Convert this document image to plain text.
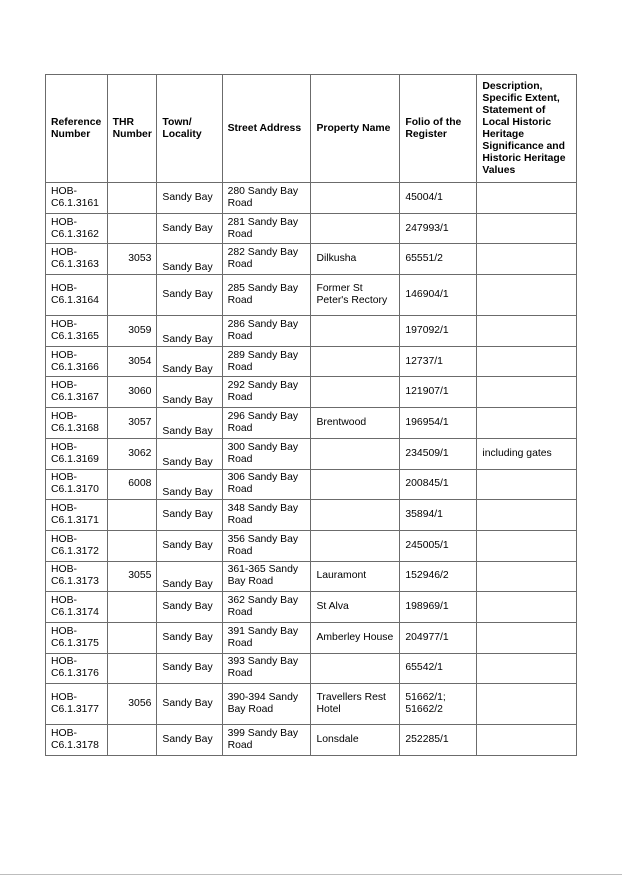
Reference Number	THR Number	Town/ Locality	Street Address	Property Name	Folio of the Register	Description, Specific Extent, Statement of Local Historic Heritage Significance and Historic Heritage Values
HOB-C6.1.3161		Sandy Bay	280 Sandy Bay Road		45004/1	
HOB-C6.1.3162		Sandy Bay	281 Sandy Bay Road		247993/1	
HOB-C6.1.3163	3053	Sandy Bay	282 Sandy Bay Road	Dilkusha	65551/2	
HOB-C6.1.3164		Sandy Bay	285 Sandy Bay Road	Former St Peter's Rectory	146904/1	
HOB-C6.1.3165	3059	Sandy Bay	286 Sandy Bay Road		197092/1	
HOB-C6.1.3166	3054	Sandy Bay	289 Sandy Bay Road		12737/1	
HOB-C6.1.3167	3060	Sandy Bay	292 Sandy Bay Road		121907/1	
HOB-C6.1.3168	3057	Sandy Bay	296 Sandy Bay Road	Brentwood	196954/1	
HOB-C6.1.3169	3062	Sandy Bay	300 Sandy Bay Road		234509/1	including gates
HOB-C6.1.3170	6008	Sandy Bay	306 Sandy Bay Road		200845/1	
HOB-C6.1.3171		Sandy Bay	348 Sandy Bay Road		35894/1	
HOB-C6.1.3172		Sandy Bay	356 Sandy Bay Road		245005/1	
HOB-C6.1.3173	3055	Sandy Bay	361-365 Sandy Bay Road	Lauramont	152946/2	
HOB-C6.1.3174		Sandy Bay	362 Sandy Bay Road	St Alva	198969/1	
HOB-C6.1.3175		Sandy Bay	391 Sandy Bay Road	Amberley House	204977/1	
HOB-C6.1.3176		Sandy Bay	393 Sandy Bay Road		65542/1	
HOB-C6.1.3177	3056	Sandy Bay	390-394 Sandy Bay Road	Travellers Rest Hotel	51662/1; 51662/2	
HOB-C6.1.3178		Sandy Bay	399 Sandy Bay Road	Lonsdale	252285/1	
